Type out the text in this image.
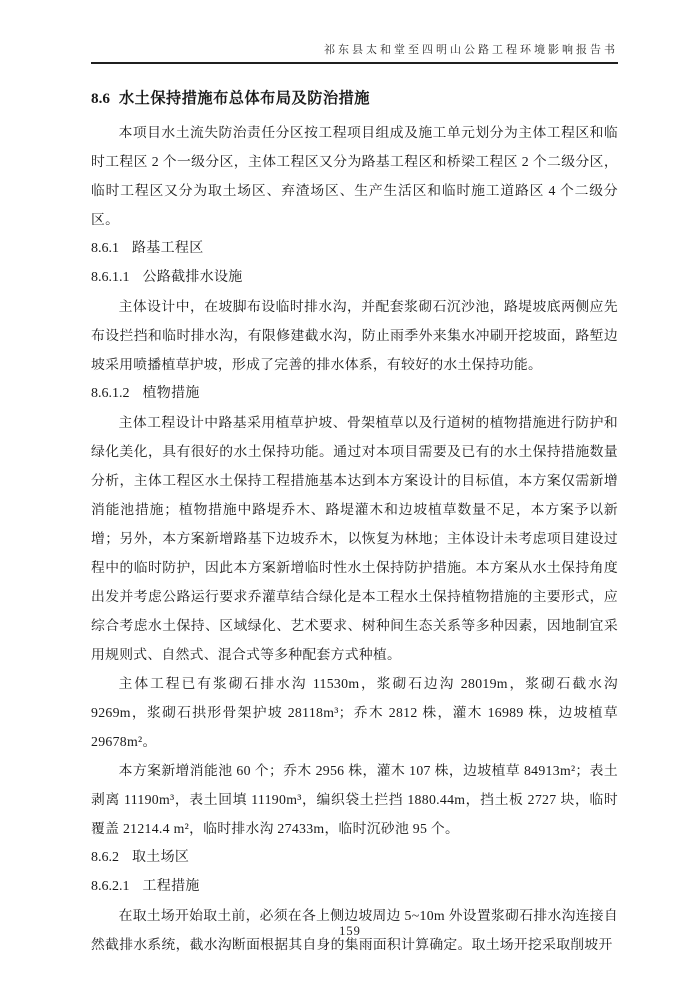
祁东县太和堂至四明山公路工程环境影响报告书
8.6 水土保持措施布总体布局及防治措施

本项目水土流失防治责任分区按工程项目组成及施工单元划分为主体工程区和临时工程区 2 个一级分区，主体工程区又分为路基工程区和桥梁工程区 2 个二级分区，临时工程区又分为取土场区、弃渣场区、生产生活区和临时施工道路区 4 个二级分区。

8.6.1 路基工程区
8.6.1.1 公路截排水设施

主体设计中，在坡脚布设临时排水沟，并配套浆砌石沉沙池，路堤坡底两侧应先布设拦挡和临时排水沟，有限修建截水沟，防止雨季外来集水冲刷开挖坡面，路堑边坡采用喷播植草护坡，形成了完善的排水体系，有较好的水土保持功能。

8.6.1.2 植物措施

主体工程设计中路基采用植草护坡、骨架植草以及行道树的植物措施进行防护和绿化美化，具有很好的水土保持功能。通过对本项目需要及已有的水土保持措施数量分析，主体工程区水土保持工程措施基本达到本方案设计的目标值，本方案仅需新增消能池措施；植物措施中路堤乔木、路堤灌木和边坡植草数量不足，本方案予以新增；另外，本方案新增路基下边坡乔木，以恢复为林地；主体设计未考虑项目建设过程中的临时防护，因此本方案新增临时性水土保持防护措施。本方案从水土保持角度出发并考虑公路运行要求乔灌草结合绿化是本工程水土保持植物措施的主要形式，应综合考虑水土保持、区域绿化、艺术要求、树种间生态关系等多种因素，因地制宜采用规则式、自然式、混合式等多种配套方式种植。

主体工程已有浆砌石排水沟 11530m，浆砌石边沟 28019m，浆砌石截水沟 9269m，浆砌石拱形骨架护坡 28118m³；乔木 2812 株，灌木 16989 株，边坡植草 29678m²。

本方案新增消能池 60 个；乔木 2956 株，灌木 107 株，边坡植草 84913m²；表土剥离 11190m³，表土回填 11190m³，编织袋土拦挡 1880.44m，挡土板 2727 块，临时覆盖 21214.4 m²，临时排水沟 27433m，临时沉砂池 95 个。

8.6.2 取土场区
8.6.2.1 工程措施

在取土场开始取土前，必须在各上侧边坡周边 5~10m 外设置浆砌石排水沟连接自然截排水系统，截水沟断面根据其自身的集雨面积计算确定。取土场开挖采取削坡开

159
